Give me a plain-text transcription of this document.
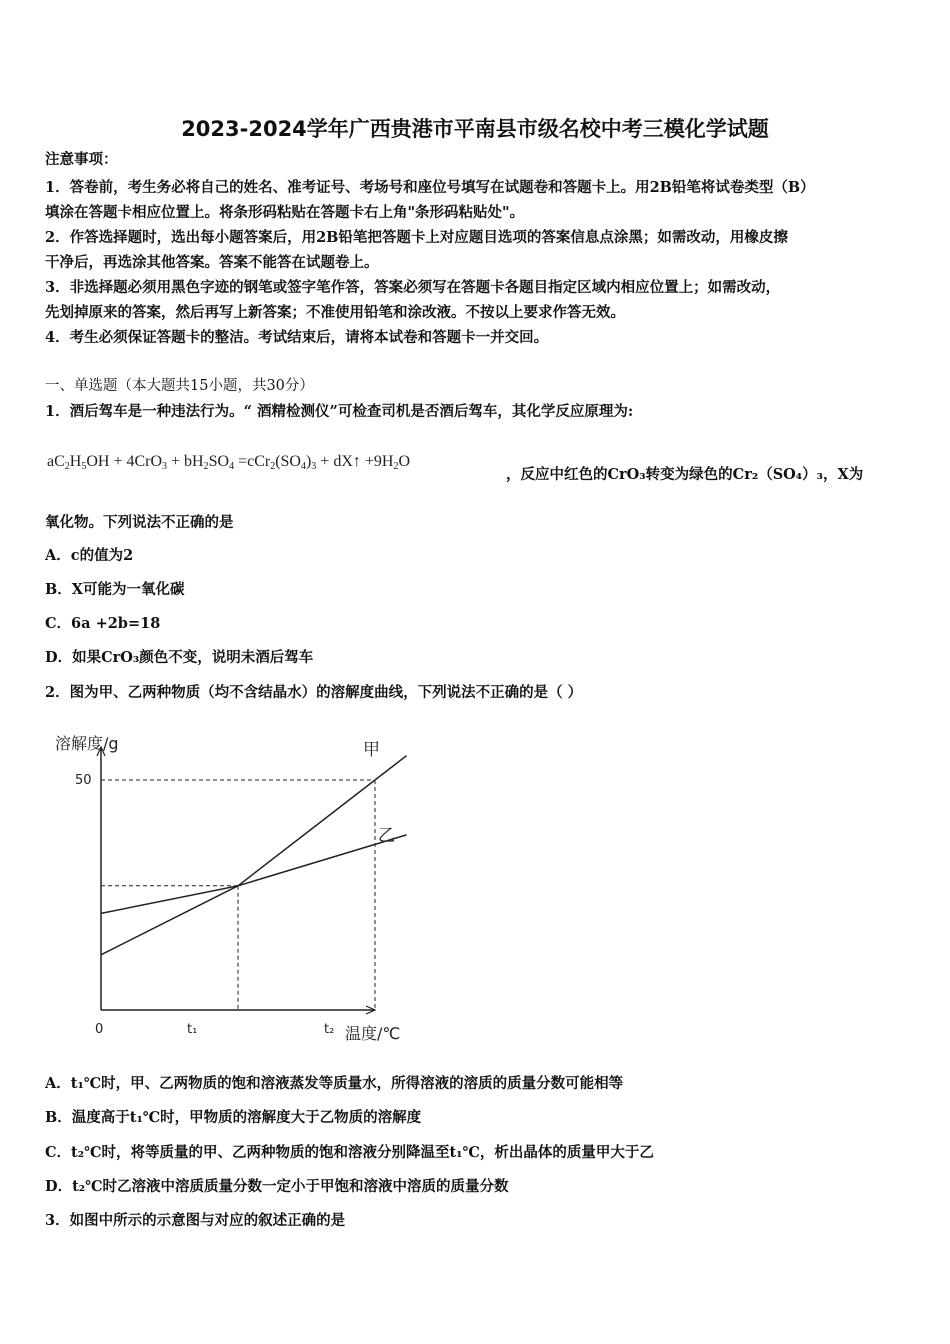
2023-2024学年广西贵港市平南县市级名校中考三模化学试题
注意事项：
1．答卷前，考生务必将自己的姓名、准考证号、考场号和座位号填写在试题卷和答题卡上。用2B铅笔将试卷类型（B）
填涂在答题卡相应位置上。将条形码粘贴在答题卡右上角"条形码粘贴处"。
2．作答选择题时，选出每小题答案后，用2B铅笔把答题卡上对应题目选项的答案信息点涂黑；如需改动，用橡皮擦
干净后，再选涂其他答案。答案不能答在试题卷上。
3．非选择题必须用黑色字迹的钢笔或签字笔作答，答案必须写在答题卡各题目指定区域内相应位置上；如需改动，
先划掉原来的答案，然后再写上新答案；不准使用铅笔和涂改液。不按以上要求作答无效。
4．考生必须保证答题卡的整洁。考试结束后，请将本试卷和答题卡一并交回。
一、单选题（本大题共15小题，共30分）
1．酒后驾车是一种违法行为。“ 酒精检测仪”可检查司机是否酒后驾车，其化学反应原理为:
$aC_2H_5OH + 4CrO_3 + bH_2SO_4 =cCr_2(SO_4)_3$ + dX↑ $+9H_2O$
，反应中红色的CrO₃转变为绿色的Cr₂（SO₄）₃，X为
氧化物。下列说法不正确的是
A．c的值为2
B．X可能为一氧化碳
C．6a +2b=18
D．如果CrO₃颜色不变，说明未酒后驾车
2．图为甲、乙两种物质（均不含结晶水）的溶解度曲线，下列说法不正确的是（ ）
溶解度/g
温度/℃
0
50
t₁	t₂
甲
乙
A．t₁℃时，甲、乙两物质的饱和溶液蒸发等质量水，所得溶液的溶质的质量分数可能相等
B．温度高于t₁℃时，甲物质的溶解度大于乙物质的溶解度
C．t₂℃时，将等质量的甲、乙两种物质的饱和溶液分别降温至t₁℃，析出晶体的质量甲大于乙
D．t₂℃时乙溶液中溶质质量分数一定小于甲饱和溶液中溶质的质量分数
3．如图中所示的示意图与对应的叙述正确的是
